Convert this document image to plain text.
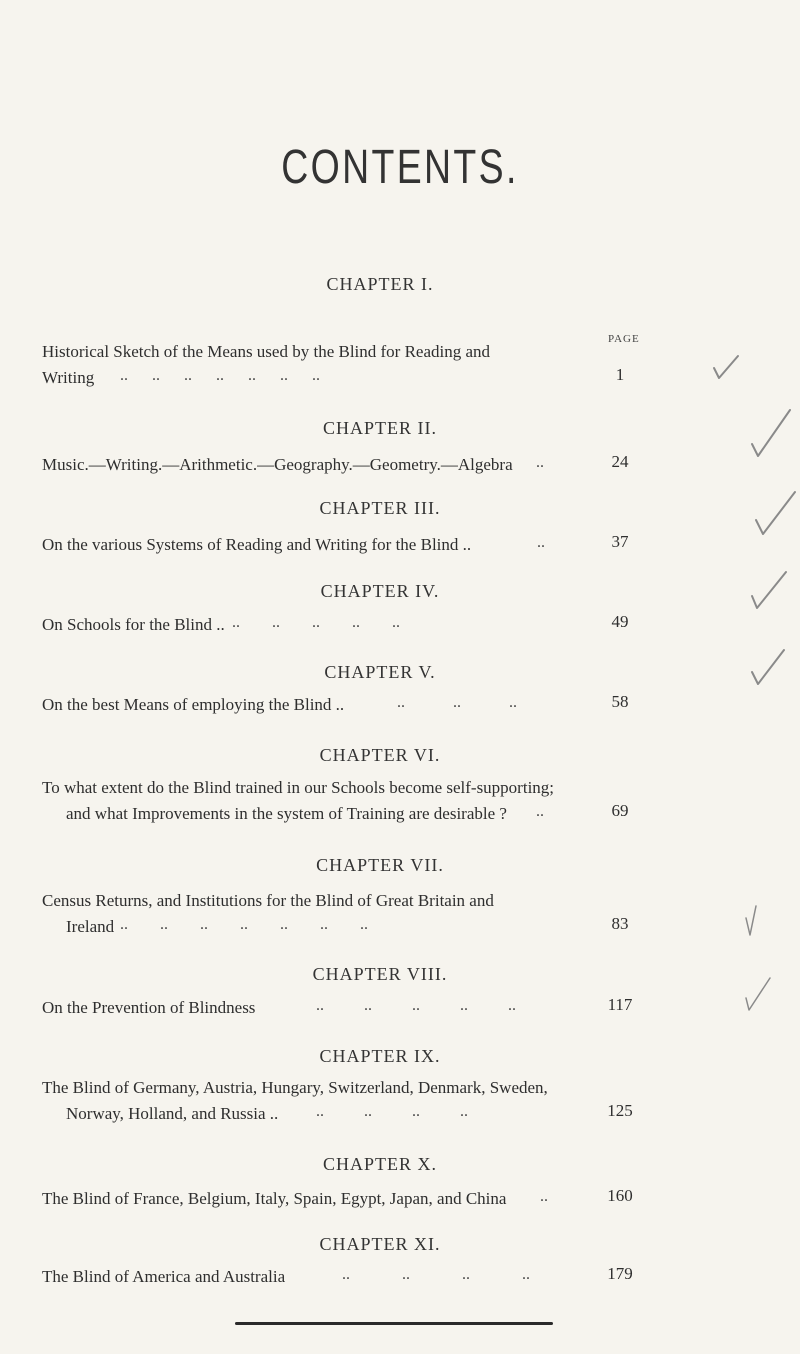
CONTENTS.
PAGE
CHAPTER I.
Historical Sketch of the Means used by the Blind for Reading and
Writing	..      ..      ..      ..      ..      ..      ..	1
CHAPTER II.
Music.—Writing.—Arithmetic.—Geography.—Geometry.—Algebra	..	24
CHAPTER III.
On the various Systems of Reading and Writing for the Blind ..	..	37
CHAPTER IV.
On Schools for the Blind .. ..        ..        ..        ..        ..	49
CHAPTER V.
On the best Means of employing the Blind ..	..            ..            ..	58
CHAPTER VI.
To what extent do the Blind trained in our Schools become self-supporting;
and what Improvements in the system of Training are desirable ?	..	69
CHAPTER VII.
Census Returns, and Institutions for the Blind of Great Britain and
Ireland ..        ..        ..        ..        ..        ..        ..	83
CHAPTER VIII.
On the Prevention of Blindness	..          ..          ..          ..          ..	117
CHAPTER IX.
The Blind of Germany, Austria, Hungary, Switzerland, Denmark, Sweden,
Norway, Holland, and Russia ..	..          ..          ..          ..	125
CHAPTER X.
The Blind of France, Belgium, Italy, Spain, Egypt, Japan, and China	..	160
CHAPTER XI.
The Blind of America and Australia	..             ..             ..             ..	179
